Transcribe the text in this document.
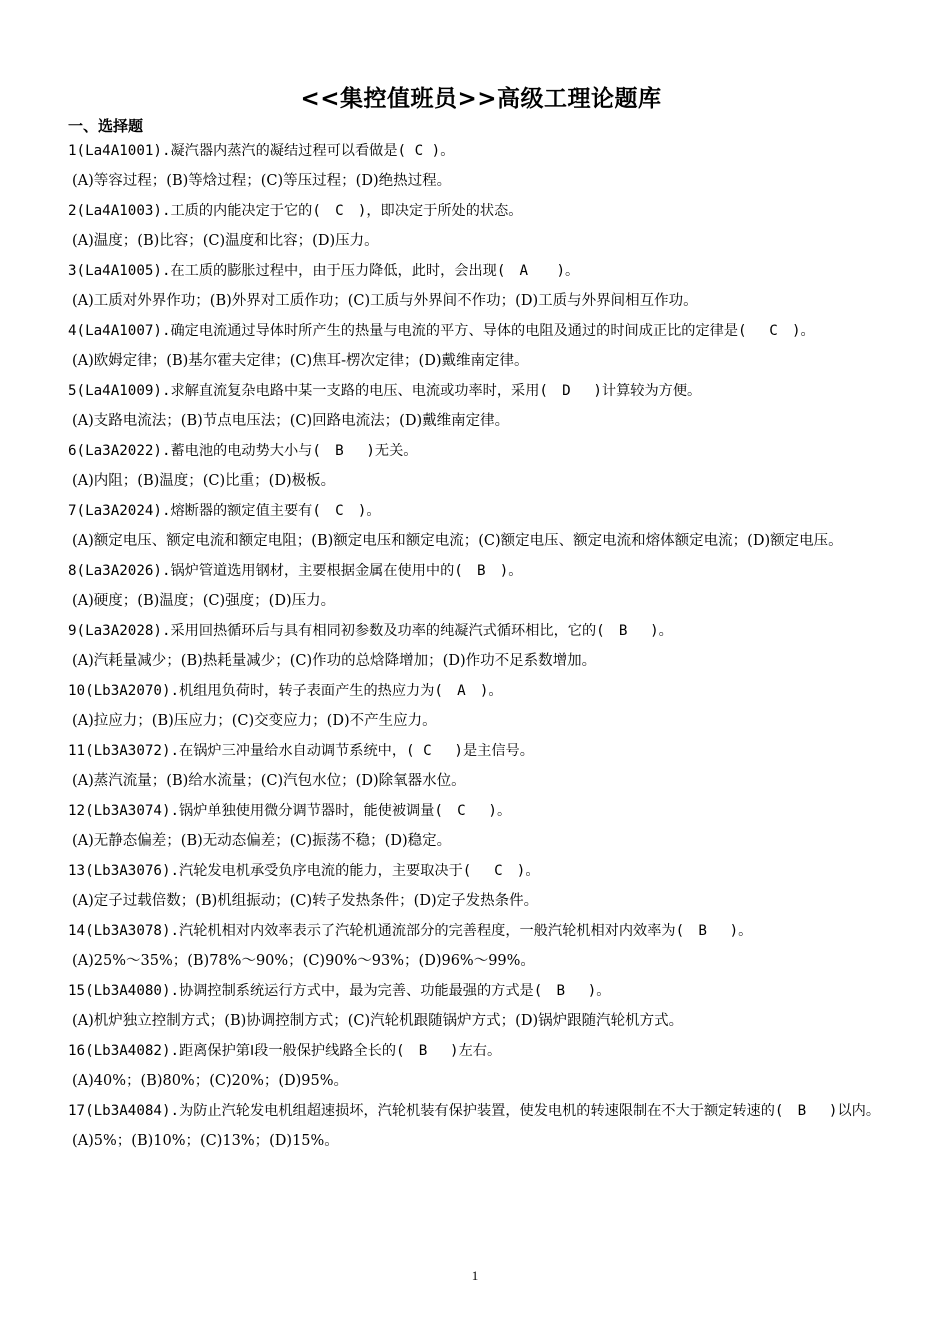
<<集控值班员>>高级工理论题库
一、选择题

1(La4A1001).凝汽器内蒸汽的凝结过程可以看做是( C )。

(A)等容过程；(B)等焓过程；(C)等压过程；(D)绝热过程。

2(La4A1003).工质的内能决定于它的(　C　)，即决定于所处的状态。

(A)温度；(B)比容；(C)温度和比容；(D)压力。

3(La4A1005).在工质的膨胀过程中，由于压力降低，此时，会出现(　A　　)。

(A)工质对外界作功；(B)外界对工质作功；(C)工质与外界间不作功；(D)工质与外界间相互作功。

4(La4A1007).确定电流通过导体时所产生的热量与电流的平方、导体的电阻及通过的时间成正比的定律是(　 C　)。

(A)欧姆定律；(B)基尔霍夫定律；(C)焦耳-楞次定律；(D)戴维南定律。

5(La4A1009).求解直流复杂电路中某一支路的电压、电流或功率时，采用(　D　 )计算较为方便。

(A)支路电流法；(B)节点电压法；(C)回路电流法；(D)戴维南定律。

6(La3A2022).蓄电池的电动势大小与(　B　 )无关。

(A)内阻；(B)温度；(C)比重；(D)极板。

7(La3A2024).熔断器的额定值主要有(　C　)。

(A)额定电压、额定电流和额定电阻；(B)额定电压和额定电流；(C)额定电压、额定电流和熔体额定电流；(D)额定电压。

8(La3A2026).锅炉管道选用钢材，主要根据金属在使用中的(　B　)。

(A)硬度；(B)温度；(C)强度；(D)压力。

9(La3A2028).采用回热循环后与具有相同初参数及功率的纯凝汽式循环相比，它的(　B　 )。

(A)汽耗量减少；(B)热耗量减少；(C)作功的总焓降增加；(D)作功不足系数增加。

10(Lb3A2070).机组甩负荷时，转子表面产生的热应力为(　A　)。

(A)拉应力；(B)压应力；(C)交变应力；(D)不产生应力。

11(Lb3A3072).在锅炉三冲量给水自动调节系统中，( C　 )是主信号。

(A)蒸汽流量；(B)给水流量；(C)汽包水位；(D)除氧器水位。

12(Lb3A3074).锅炉单独使用微分调节器时，能使被调量(　C　 )。

(A)无静态偏差；(B)无动态偏差；(C)振荡不稳；(D)稳定。

13(Lb3A3076).汽轮发电机承受负序电流的能力，主要取决于(　 C　)。

(A)定子过载倍数；(B)机组振动；(C)转子发热条件；(D)定子发热条件。

14(Lb3A3078).汽轮机相对内效率表示了汽轮机通流部分的完善程度，一般汽轮机相对内效率为(　B　 )。

(A)25%～35%；(B)78%～90%；(C)90%～93%；(D)96%～99%。

15(Lb3A4080).协调控制系统运行方式中，最为完善、功能最强的方式是(　B　 )。

(A)机炉独立控制方式；(B)协调控制方式；(C)汽轮机跟随锅炉方式；(D)锅炉跟随汽轮机方式。

16(Lb3A4082).距离保护第Ⅰ段一般保护线路全长的(　B　 )左右。

(A)40%；(B)80%；(C)20%；(D)95%。

17(Lb3A4084).为防止汽轮发电机组超速损坏，汽轮机装有保护装置，使发电机的转速限制在不大于额定转速的(　B　 )以内。

(A)5%；(B)10%；(C)13%；(D)15%。

1
